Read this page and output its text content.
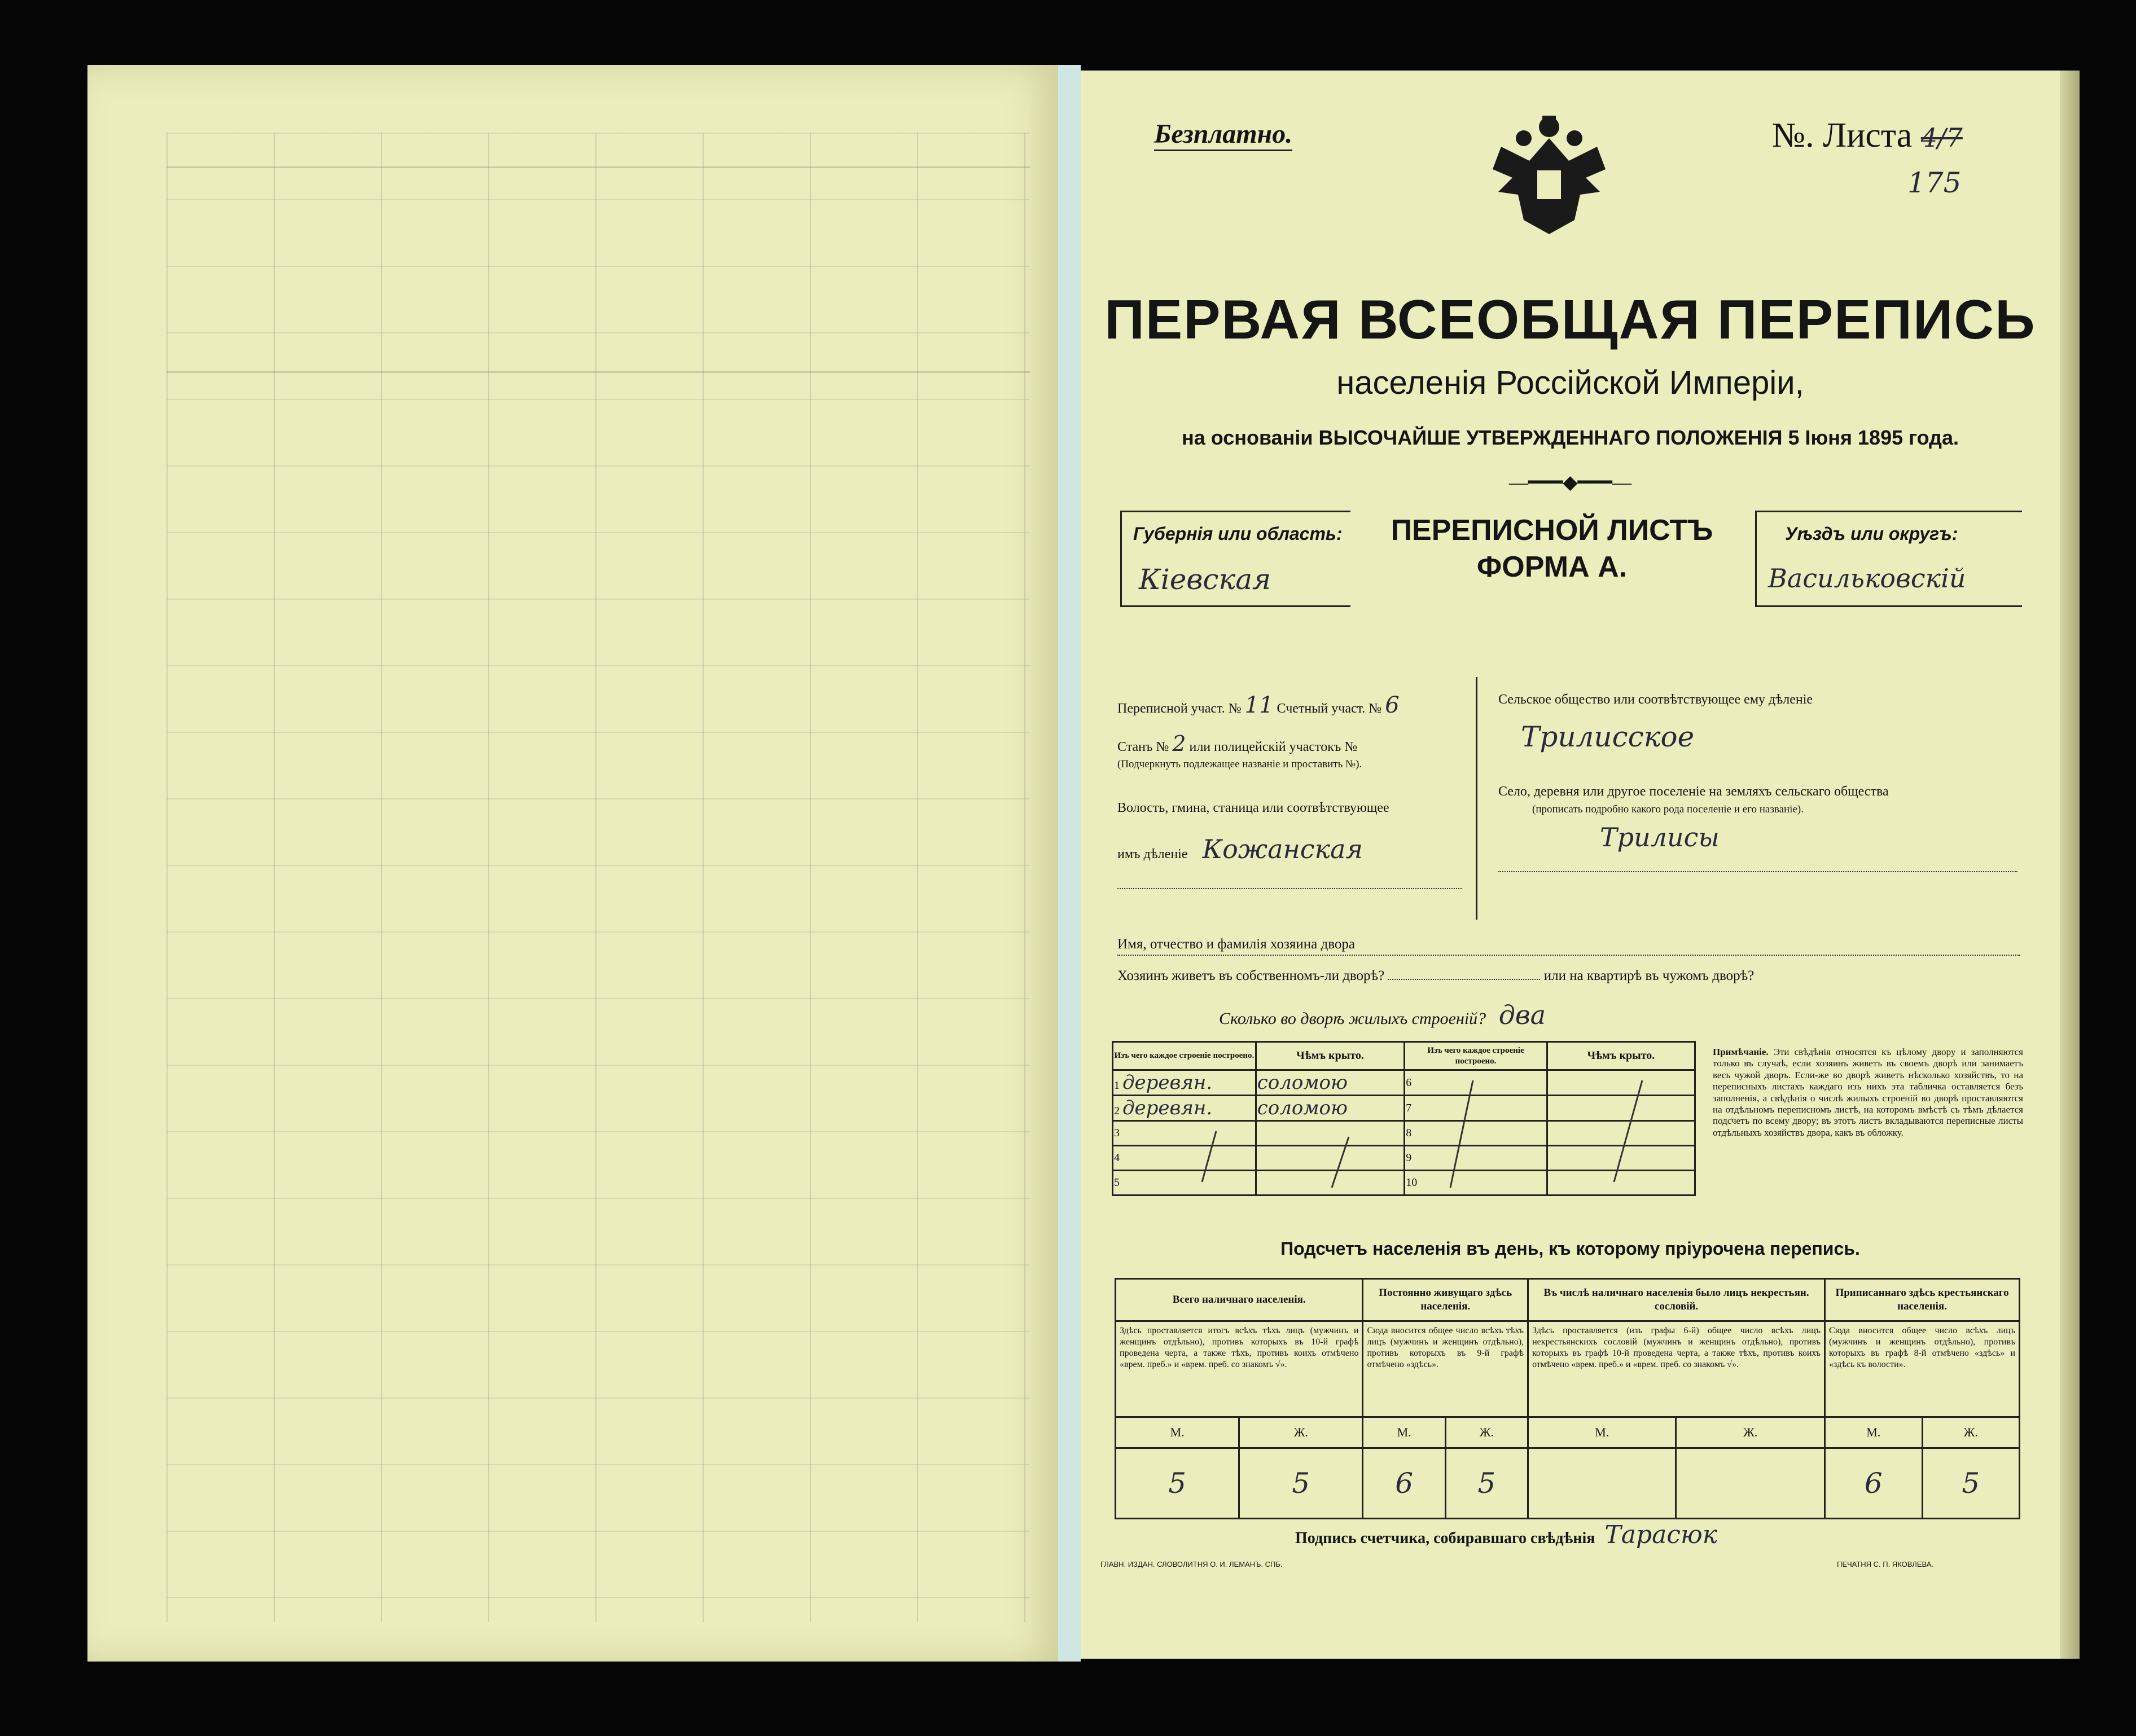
Безплатно.	№. Листа 4/7
175
ПЕРВАЯ ВСЕОБЩАЯ ПЕРЕПИСЬ
населенія Россійской Имперіи,
на основаніи ВЫСОЧАЙШЕ УТВЕРЖДЕННАГО ПОЛОЖЕНІЯ 5 Іюня 1895 года.
—━━━◆━━━—
Губернія или область:
Кіевская
ПЕРЕПИСНОЙ ЛИСТЪ
ФОРМА А.
Уѣздъ или округъ:
Васильковскій
Переписной участ. № 11 Счетный участ. № 6
Станъ № 2 или полицейскій участокъ №
(Подчеркнуть подлежащее названіе и проставить №).
Волость, гмина, станица или соотвѣтствующее
имъ дѣленіе Кожанская
Сельское общество или соотвѣтствующее ему дѣленіе
Трилисское
Село, деревня или другое поселеніе на земляхъ сельскаго общества
(прописать подробно какого рода поселеніе и его названіе).
Трилисы
Имя, отчество и фамилія хозяина двора
Хозяинъ живетъ въ собственномъ-ли дворѣ?	или на квартирѣ въ чужомъ дворѣ?
Сколько во дворѣ жилыхъ строеній? два
Изъ чего каждое строеніе построено.	Чѣмъ крыто.	Изъ чего каждое строеніе построено.	Чѣмъ крыто.
1 деревян.	соломою	6	
2 деревян.	соломою	7	
3		8	
4		9	
5		10	
Примѣчаніе. Эти свѣдѣнія относятся къ цѣлому двору и заполняются только въ случаѣ, если хозяинъ живетъ въ своемъ дворѣ или занимаетъ весь чужой дворъ. Если-же во дворѣ живетъ нѣсколько хозяйствъ, то на переписныхъ листахъ каждаго изъ нихъ эта табличка оставляется безъ заполненія, а свѣдѣнія о числѣ жилыхъ строеній во дворѣ проставляются на отдѣльномъ переписномъ листѣ, на которомъ вмѣстѣ съ тѣмъ дѣлается подсчетъ по всему двору; въ этотъ листъ вкладываются переписные листы отдѣльныхъ хозяйствъ двора, какъ въ обложку.
Подсчетъ населенія въ день, къ которому пріурочена перепись.
Всего наличнаго населенія.		Постоянно живущаго здѣсь населенія.		Въ числѣ наличнаго населенія было лицъ некрестьян. сословій.		Приписаннаго здѣсь крестьянскаго населенія.	
Здѣсь проставляется итогъ всѣхъ тѣхъ лицъ (мужчинъ и женщинъ отдѣльно), противъ которыхъ въ 10-й графѣ проведена черта, а также тѣхъ, противъ коихъ отмѣчено «врем. преб.» и «врем. преб. со знакомъ √».		Сюда вносится общее число всѣхъ тѣхъ лицъ (мужчинъ и женщинъ отдѣльно), противъ которыхъ въ 9-й графѣ отмѣчено «здѣсь».		Здѣсь проставляется (изъ графы 6-й) общее число всѣхъ лицъ некрестьянскихъ сословій (мужчинъ и женщинъ отдѣльно), противъ которыхъ въ графѣ 10-й проведена черта, а также тѣхъ, противъ коихъ отмѣчено «врем. преб.» и «врем. преб. со знакомъ √».		Сюда вносится общее число всѣхъ лицъ (мужчинъ и женщинъ отдѣльно), противъ которыхъ въ графѣ 8-й отмѣчено «здѣсь» и «здѣсь къ волости».	
М.	Ж.	М.	Ж.	М.	Ж.	М.	Ж.
5	5	6	5			6	5
Подпись счетчика, собиравшаго свѣдѣнія Тарасюк
ГЛАВН. ИЗДАН. СЛОВОЛИТНЯ О. И. ЛЕМАНЪ. СПБ.	ПЕЧАТНЯ С. П. ЯКОВЛЕВА.
